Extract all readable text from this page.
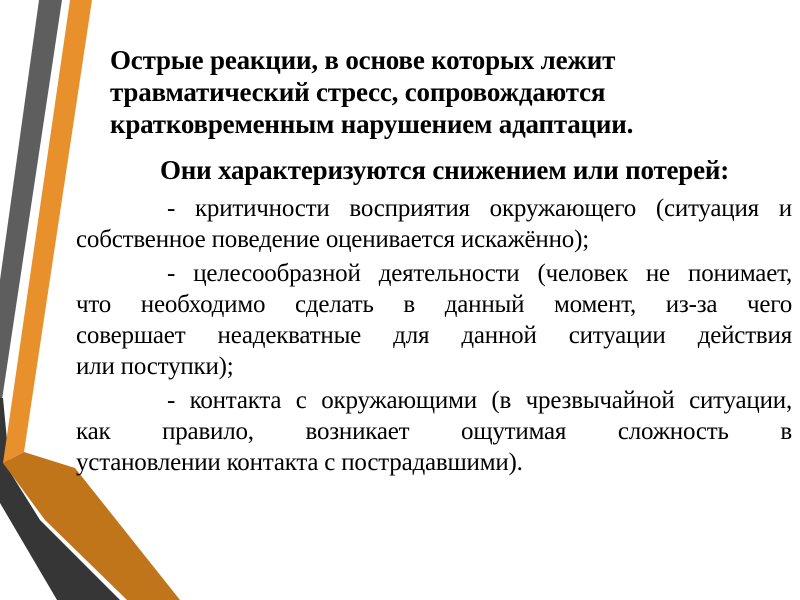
Острые реакции, в основе которых лежит
травматический стресс, сопровождаются
кратковременным нарушением адаптации.
Они характеризуются снижением или потерей:
- критичности восприятия окружающего (ситуация и
собственное поведение оценивается искажённо);
- целесообразной деятельности (человек не понимает,
что необходимо сделать в данный момент, из-за чего
совершает неадекватные для данной ситуации действия
или поступки);
- контакта с окружающими (в чрезвычайной ситуации,
как правило, возникает ощутимая сложность в
установлении контакта с пострадавшими).
